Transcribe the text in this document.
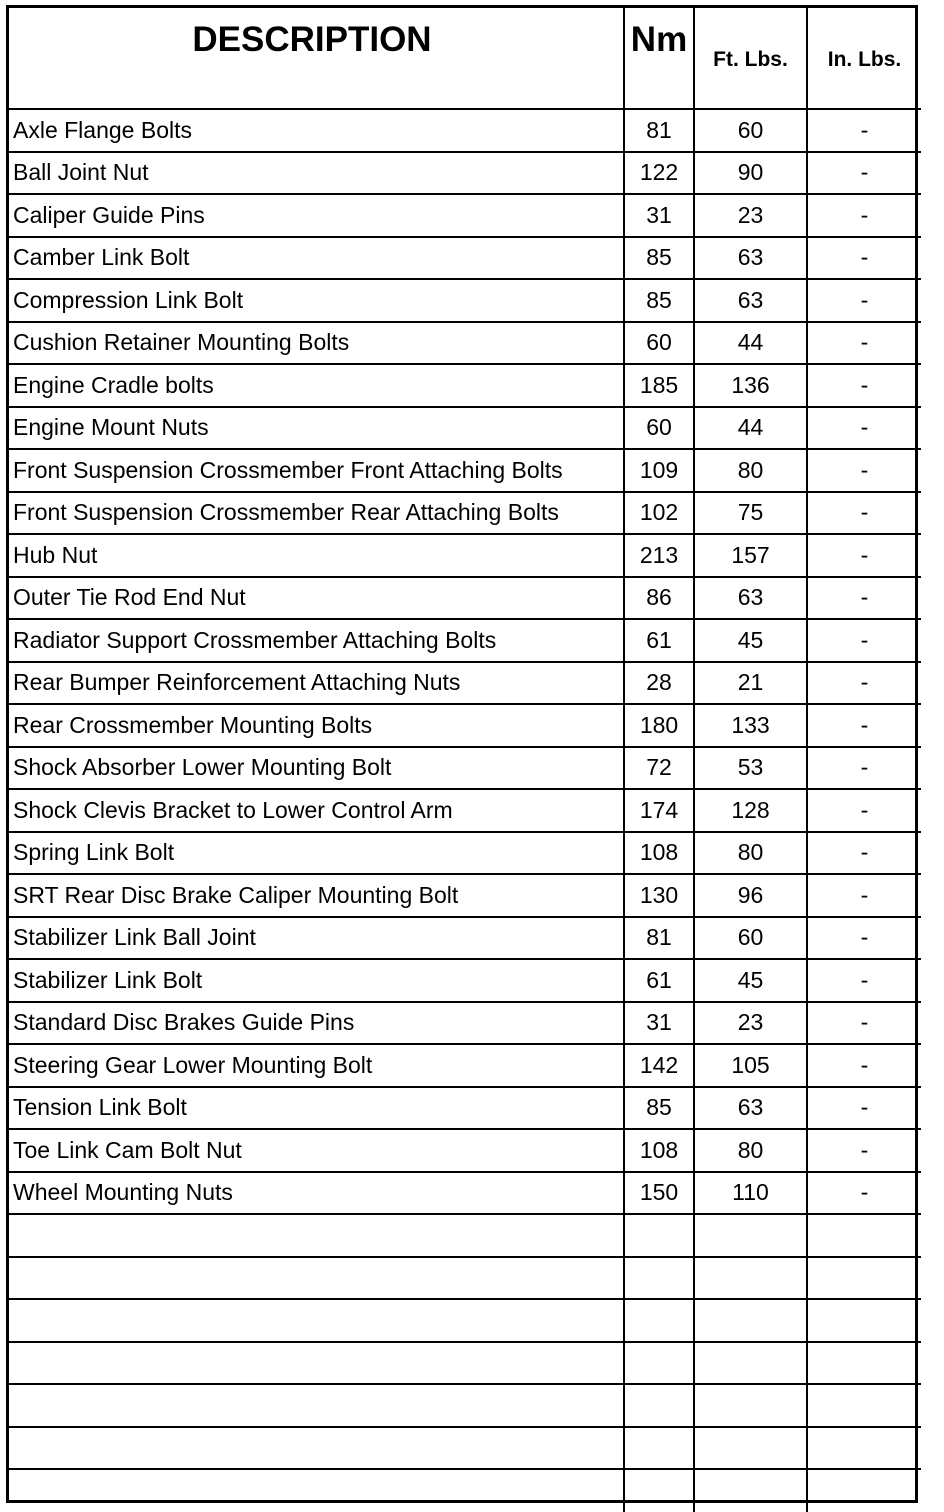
DESCRIPTION	Nm	Ft. Lbs.	In. Lbs.
Axle Flange Bolts	81	60	-
Ball Joint Nut	122	90	-
Caliper Guide Pins	31	23	-
Camber Link Bolt	85	63	-
Compression Link Bolt	85	63	-
Cushion Retainer Mounting Bolts	60	44	-
Engine Cradle bolts	185	136	-
Engine Mount Nuts	60	44	-
Front Suspension Crossmember Front Attaching Bolts	109	80	-
Front Suspension Crossmember Rear Attaching Bolts	102	75	-
Hub Nut	213	157	-
Outer Tie Rod End Nut	86	63	-
Radiator Support Crossmember Attaching Bolts	61	45	-
Rear Bumper Reinforcement Attaching Nuts	28	21	-
Rear Crossmember Mounting Bolts	180	133	-
Shock Absorber Lower Mounting Bolt	72	53	-
Shock Clevis Bracket to Lower Control Arm	174	128	-
Spring Link Bolt	108	80	-
SRT Rear Disc Brake Caliper Mounting Bolt	130	96	-
Stabilizer Link Ball Joint	81	60	-
Stabilizer Link Bolt	61	45	-
Standard Disc Brakes Guide Pins	31	23	-
Steering Gear Lower Mounting Bolt	142	105	-
Tension Link Bolt	85	63	-
Toe Link Cam Bolt Nut	108	80	-
Wheel Mounting Nuts	150	110	-
